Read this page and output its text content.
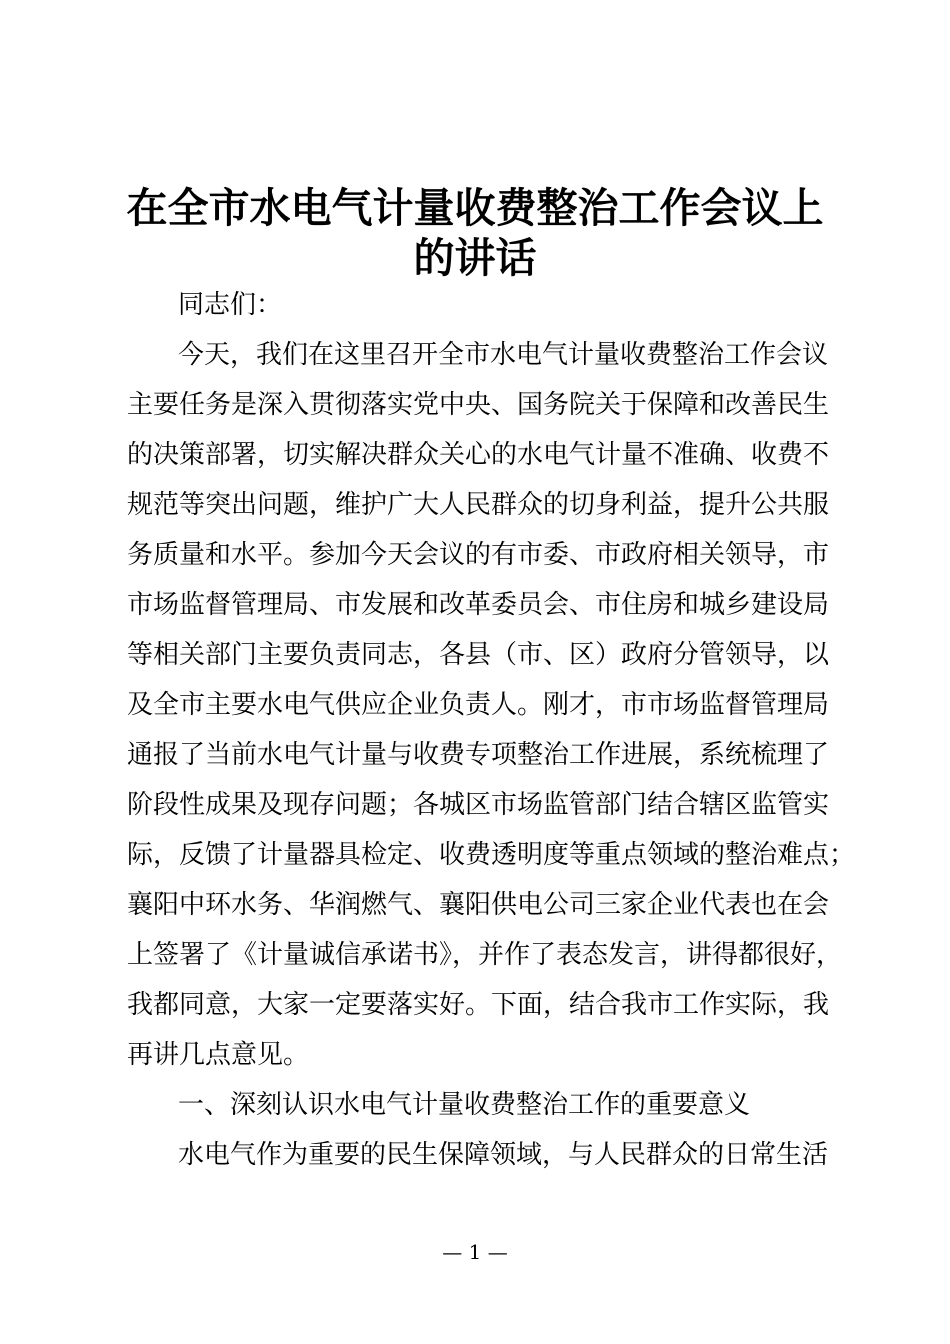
在全市水电气计量收费整治工作会议上
的讲话

同志们：

今天，我们在这里召开全市水电气计量收费整治工作会议

主要任务是深入贯彻落实党中央、国务院关于保障和改善民生

的决策部署，切实解决群众关心的水电气计量不准确、收费不

规范等突出问题，维护广大人民群众的切身利益，提升公共服

务质量和水平。参加今天会议的有市委、市政府相关领导，市

市场监督管理局、市发展和改革委员会、市住房和城乡建设局

等相关部门主要负责同志，各县（市、区）政府分管领导，以

及全市主要水电气供应企业负责人。刚才，市市场监督管理局

通报了当前水电气计量与收费专项整治工作进展，系统梳理了

阶段性成果及现存问题；各城区市场监管部门结合辖区监管实

际，反馈了计量器具检定、收费透明度等重点领域的整治难点；

襄阳中环水务、华润燃气、襄阳供电公司三家企业代表也在会

上签署了《计量诚信承诺书》，并作了表态发言，讲得都很好，

我都同意，大家一定要落实好。下面，结合我市工作实际，我

再讲几点意见。

一、深刻认识水电气计量收费整治工作的重要意义

水电气作为重要的民生保障领域，与人民群众的日常生活

— 1 —
